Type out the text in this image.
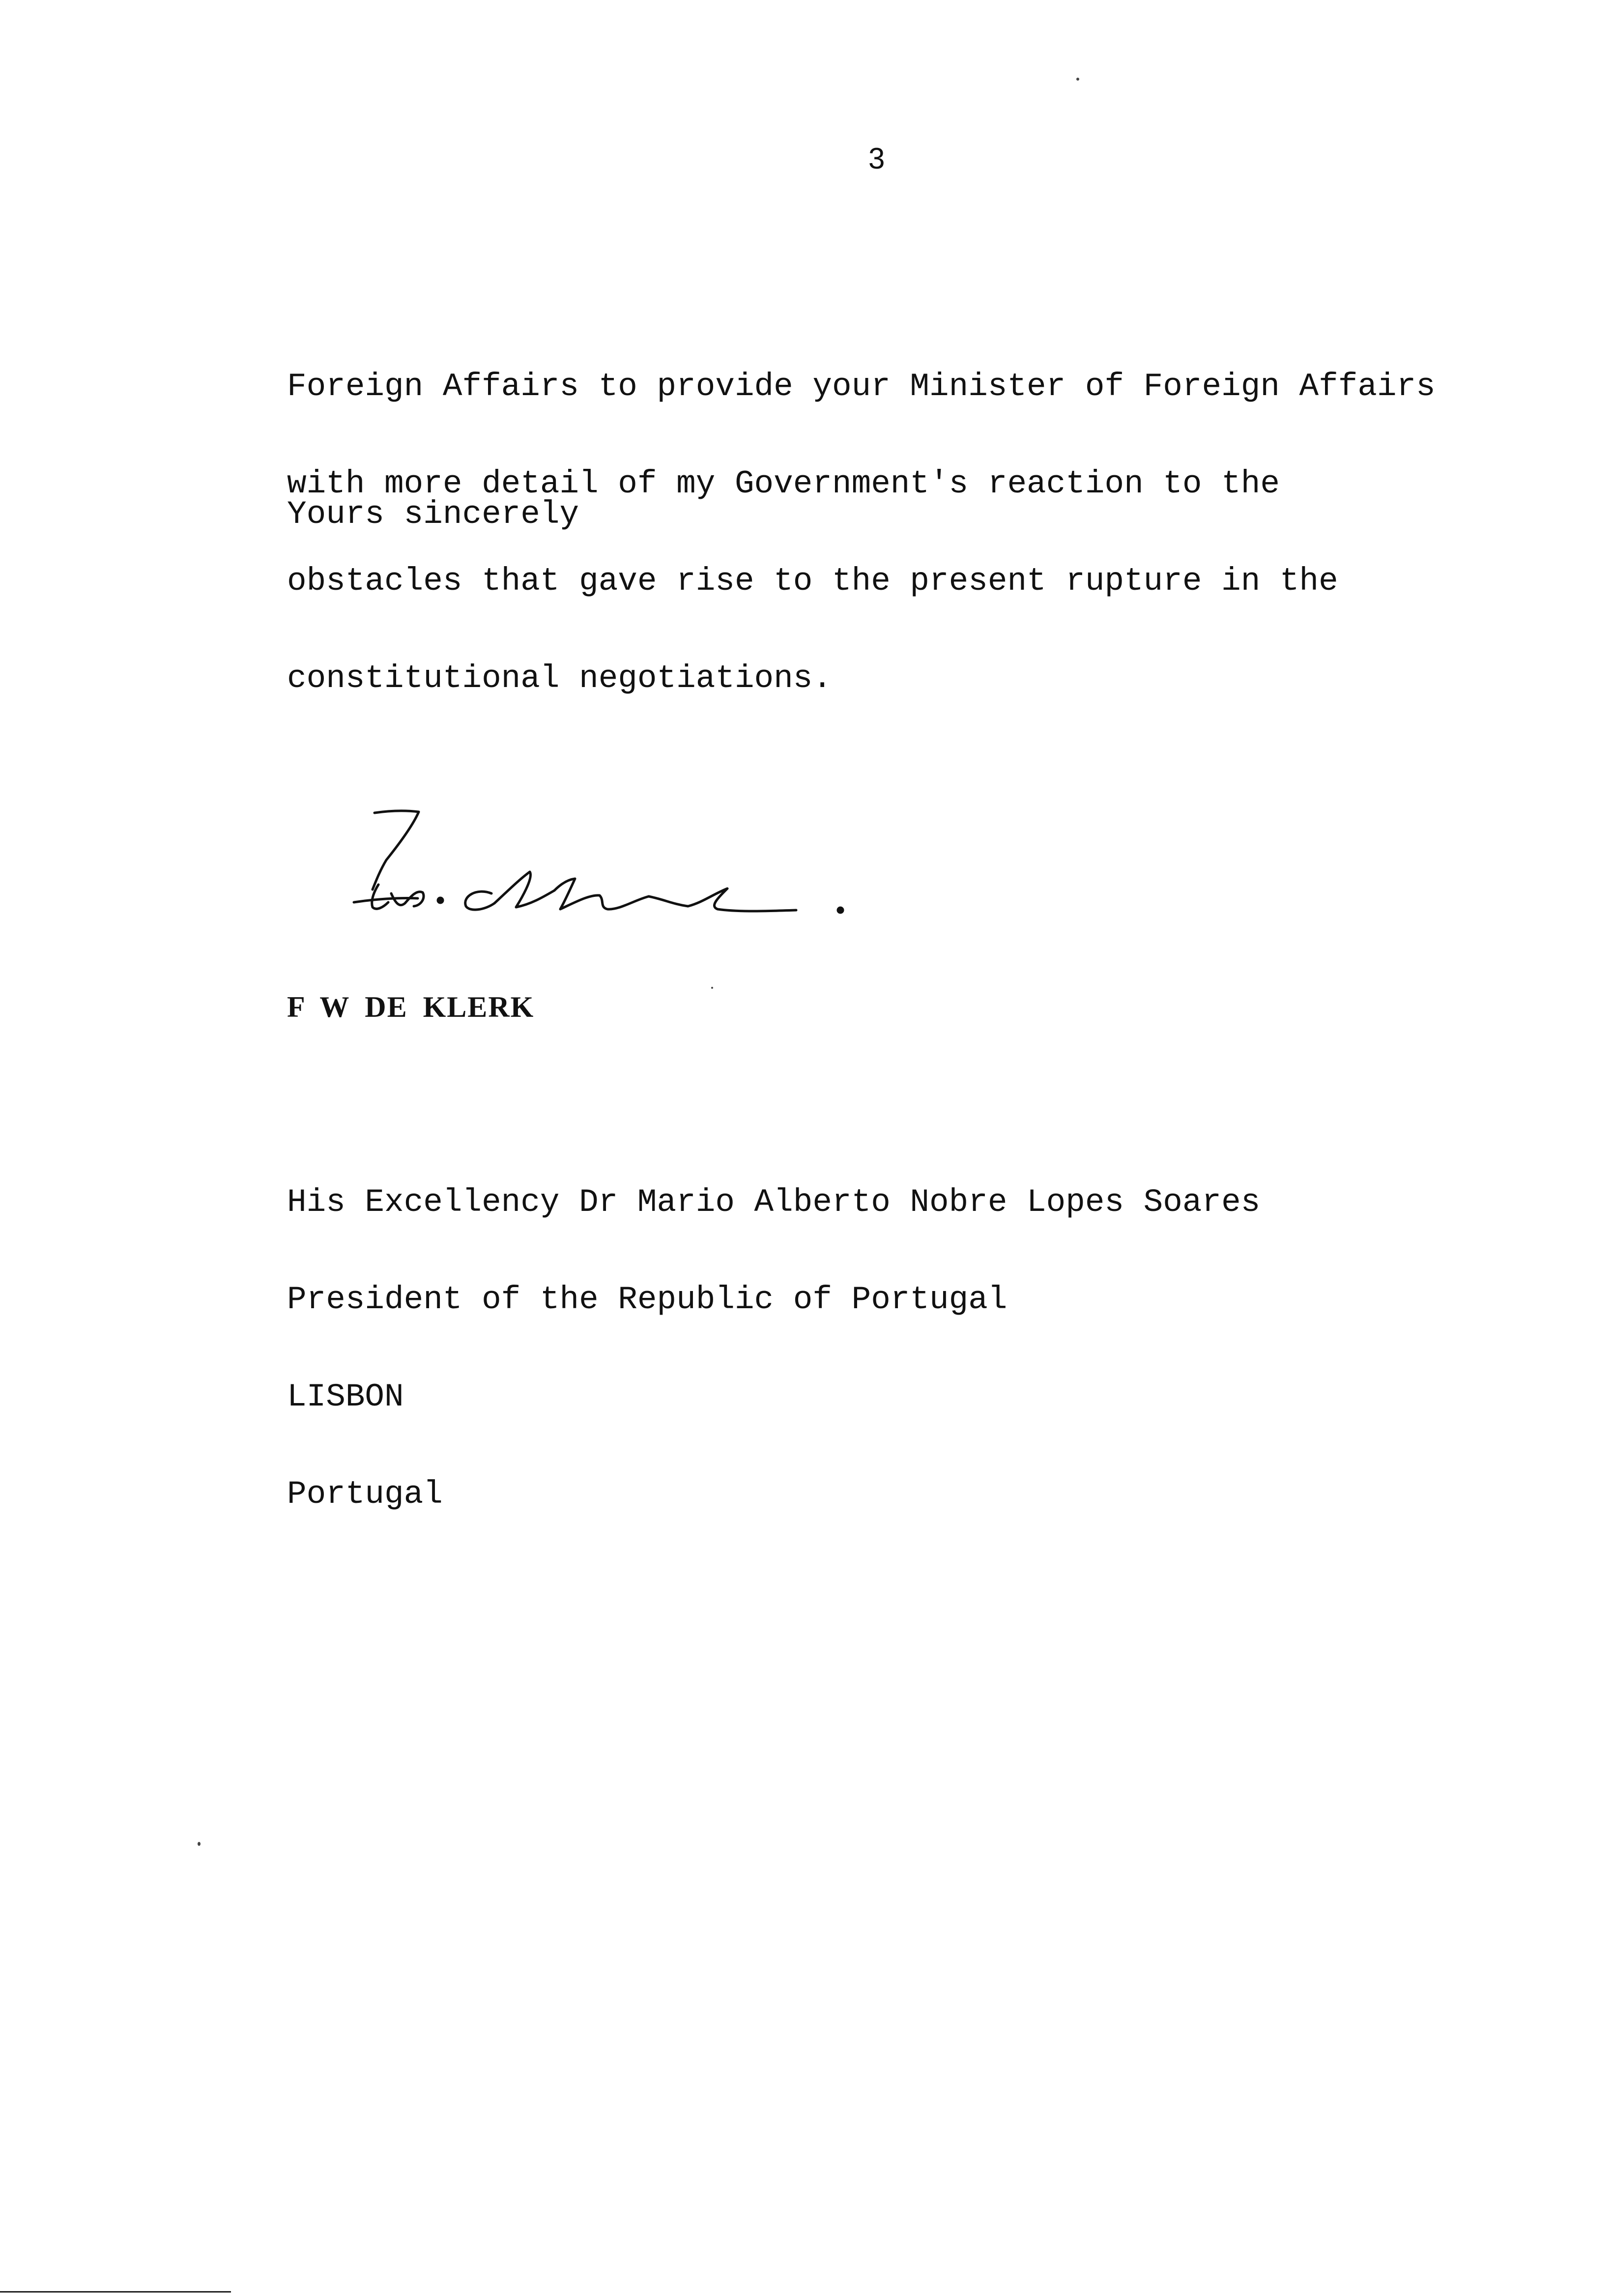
3

Foreign Affairs to provide your Minister of Foreign Affairs

with more detail of my Government's reaction to the

obstacles that gave rise to the present rupture in the

constitutional negotiations.

Yours sincerely
F W DE KLERK

His Excellency Dr Mario Alberto Nobre Lopes Soares

President of the Republic of Portugal

LISBON

Portugal
